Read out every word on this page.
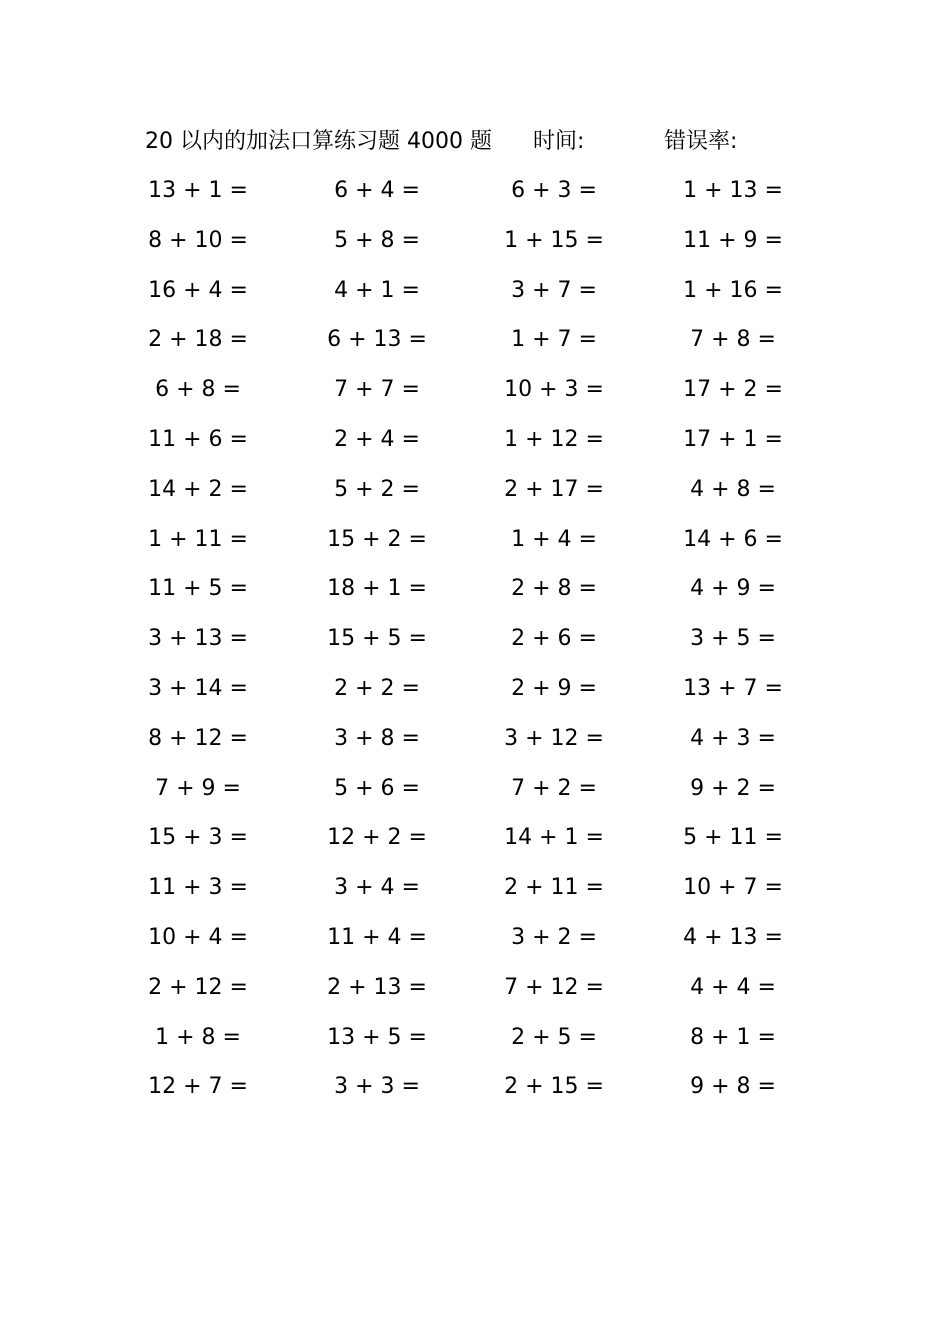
20 以内的加法口算练习题 4000 题 时间:	错误率:
13 + 1 =	6 + 4 =	6 + 3 =	1 + 13 =
8 + 10 =	5 + 8 =	1 + 15 =	11 + 9 =
16 + 4 =	4 + 1 =	3 + 7 =	1 + 16 =
2 + 18 =	6 + 13 =	1 + 7 =	7 + 8 =
6 + 8 =	7 + 7 =	10 + 3 =	17 + 2 =
11 + 6 =	2 + 4 =	1 + 12 =	17 + 1 =
14 + 2 =	5 + 2 =	2 + 17 =	4 + 8 =
1 + 11 =	15 + 2 =	1 + 4 =	14 + 6 =
11 + 5 =	18 + 1 =	2 + 8 =	4 + 9 =
3 + 13 =	15 + 5 =	2 + 6 =	3 + 5 =
3 + 14 =	2 + 2 =	2 + 9 =	13 + 7 =
8 + 12 =	3 + 8 =	3 + 12 =	4 + 3 =
7 + 9 =	5 + 6 =	7 + 2 =	9 + 2 =
15 + 3 =	12 + 2 =	14 + 1 =	5 + 11 =
11 + 3 =	3 + 4 =	2 + 11 =	10 + 7 =
10 + 4 =	11 + 4 =	3 + 2 =	4 + 13 =
2 + 12 =	2 + 13 =	7 + 12 =	4 + 4 =
1 + 8 =	13 + 5 =	2 + 5 =	8 + 1 =
12 + 7 =	3 + 3 =	2 + 15 =	9 + 8 =
